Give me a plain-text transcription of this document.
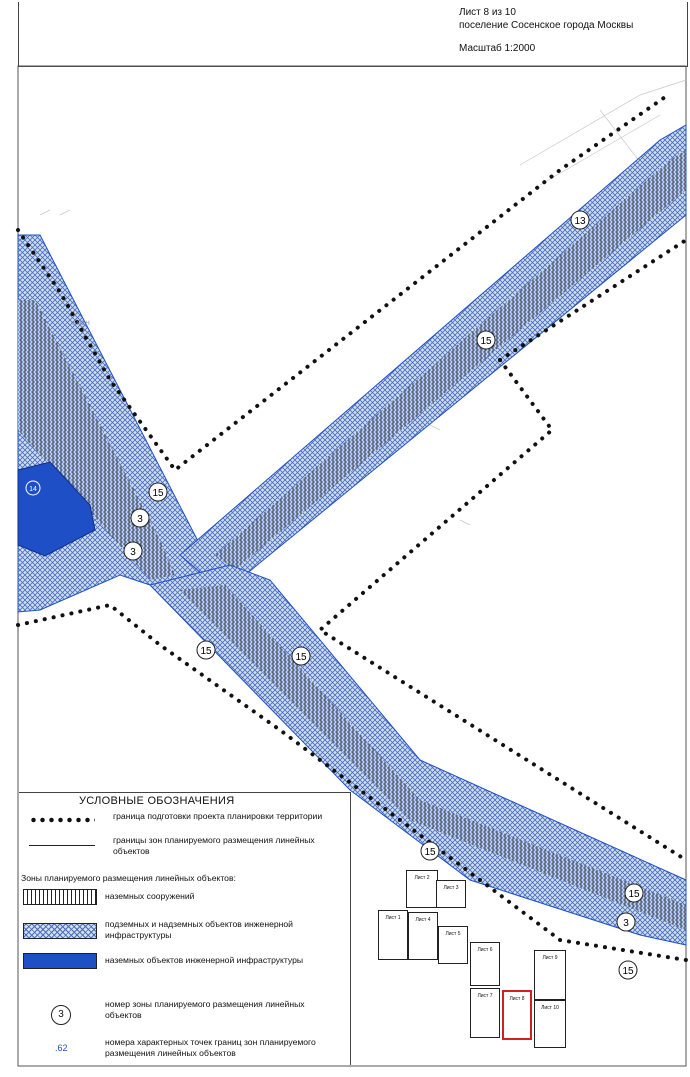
Лист 8 из 10
поселение Сосенское города Москвы
Масштаб 1:2000
13
15
15
3
3
15
15
15
15
3
15
14
...ЕНЕН
УСЛОВНЫЕ ОБОЗНАЧЕНИЯ
граница подготовки проекта планировки территории
границы зон планируемого размещения линейных объектов
Зоны планируемого размещения линейных объектов:
наземных сооружений
подземных и надземных объектов инженерной инфраструктуры
наземных объектов инженерной инфраструктуры
3
номер зоны планируемого размещения линейных объектов
.62
номера характерных точек границ зон планируемого размещения линейных объектов
Лист 1
Лист 2
Лист 3
Лист 4
Лист 5
Лист 6
Лист 7	Лист 8
Лист 9
Лист 10
